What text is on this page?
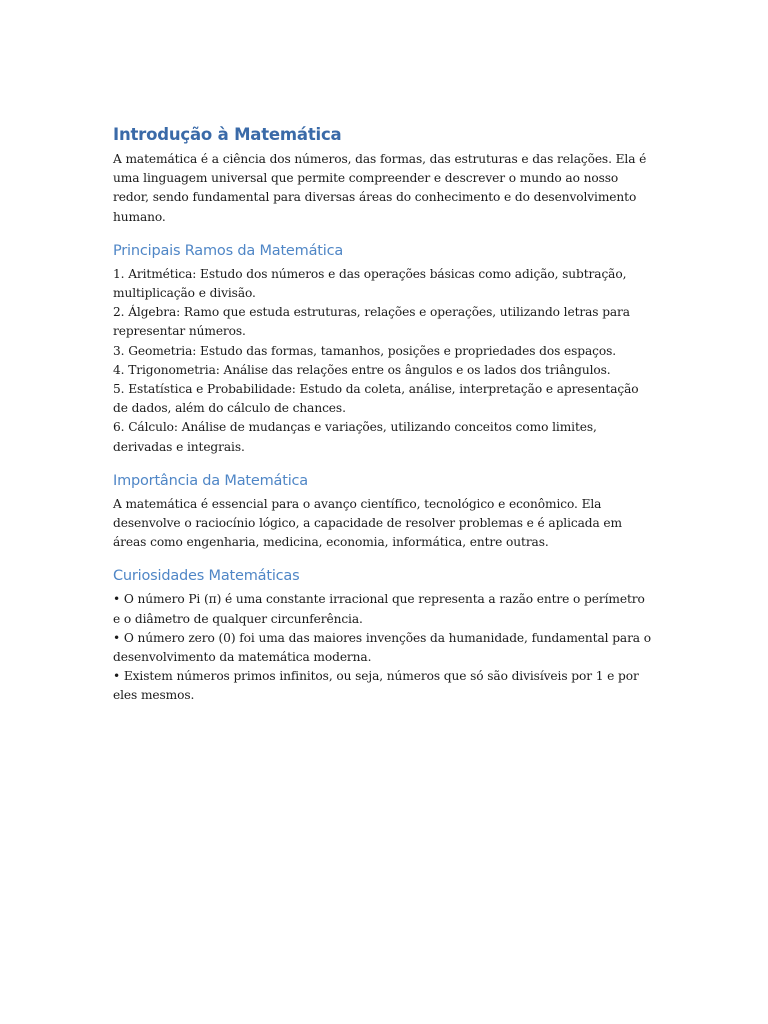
Introdução à Matemática

A matemática é a ciência dos números, das formas, das estruturas e das relações. Ela é uma linguagem universal que permite compreender e descrever o mundo ao nosso redor, sendo fundamental para diversas áreas do conhecimento e do desenvolvimento humano.

Principais Ramos da Matemática
1. Aritmética: Estudo dos números e das operações básicas como adição, subtração, multiplicação e divisão.
2. Álgebra: Ramo que estuda estruturas, relações e operações, utilizando letras para representar números.
3. Geometria: Estudo das formas, tamanhos, posições e propriedades dos espaços.
4. Trigonometria: Análise das relações entre os ângulos e os lados dos triângulos.
5. Estatística e Probabilidade: Estudo da coleta, análise, interpretação e apresentação de dados, além do cálculo de chances.
6. Cálculo: Análise de mudanças e variações, utilizando conceitos como limites, derivadas e integrais.
Importância da Matemática

A matemática é essencial para o avanço científico, tecnológico e econômico. Ela desenvolve o raciocínio lógico, a capacidade de resolver problemas e é aplicada em áreas como engenharia, medicina, economia, informática, entre outras.

Curiosidades Matemáticas
• O número Pi (π) é uma constante irracional que representa a razão entre o perímetro e o diâmetro de qualquer circunferência.
• O número zero (0) foi uma das maiores invenções da humanidade, fundamental para o desenvolvimento da matemática moderna.
• Existem números primos infinitos, ou seja, números que só são divisíveis por 1 e por eles mesmos.
